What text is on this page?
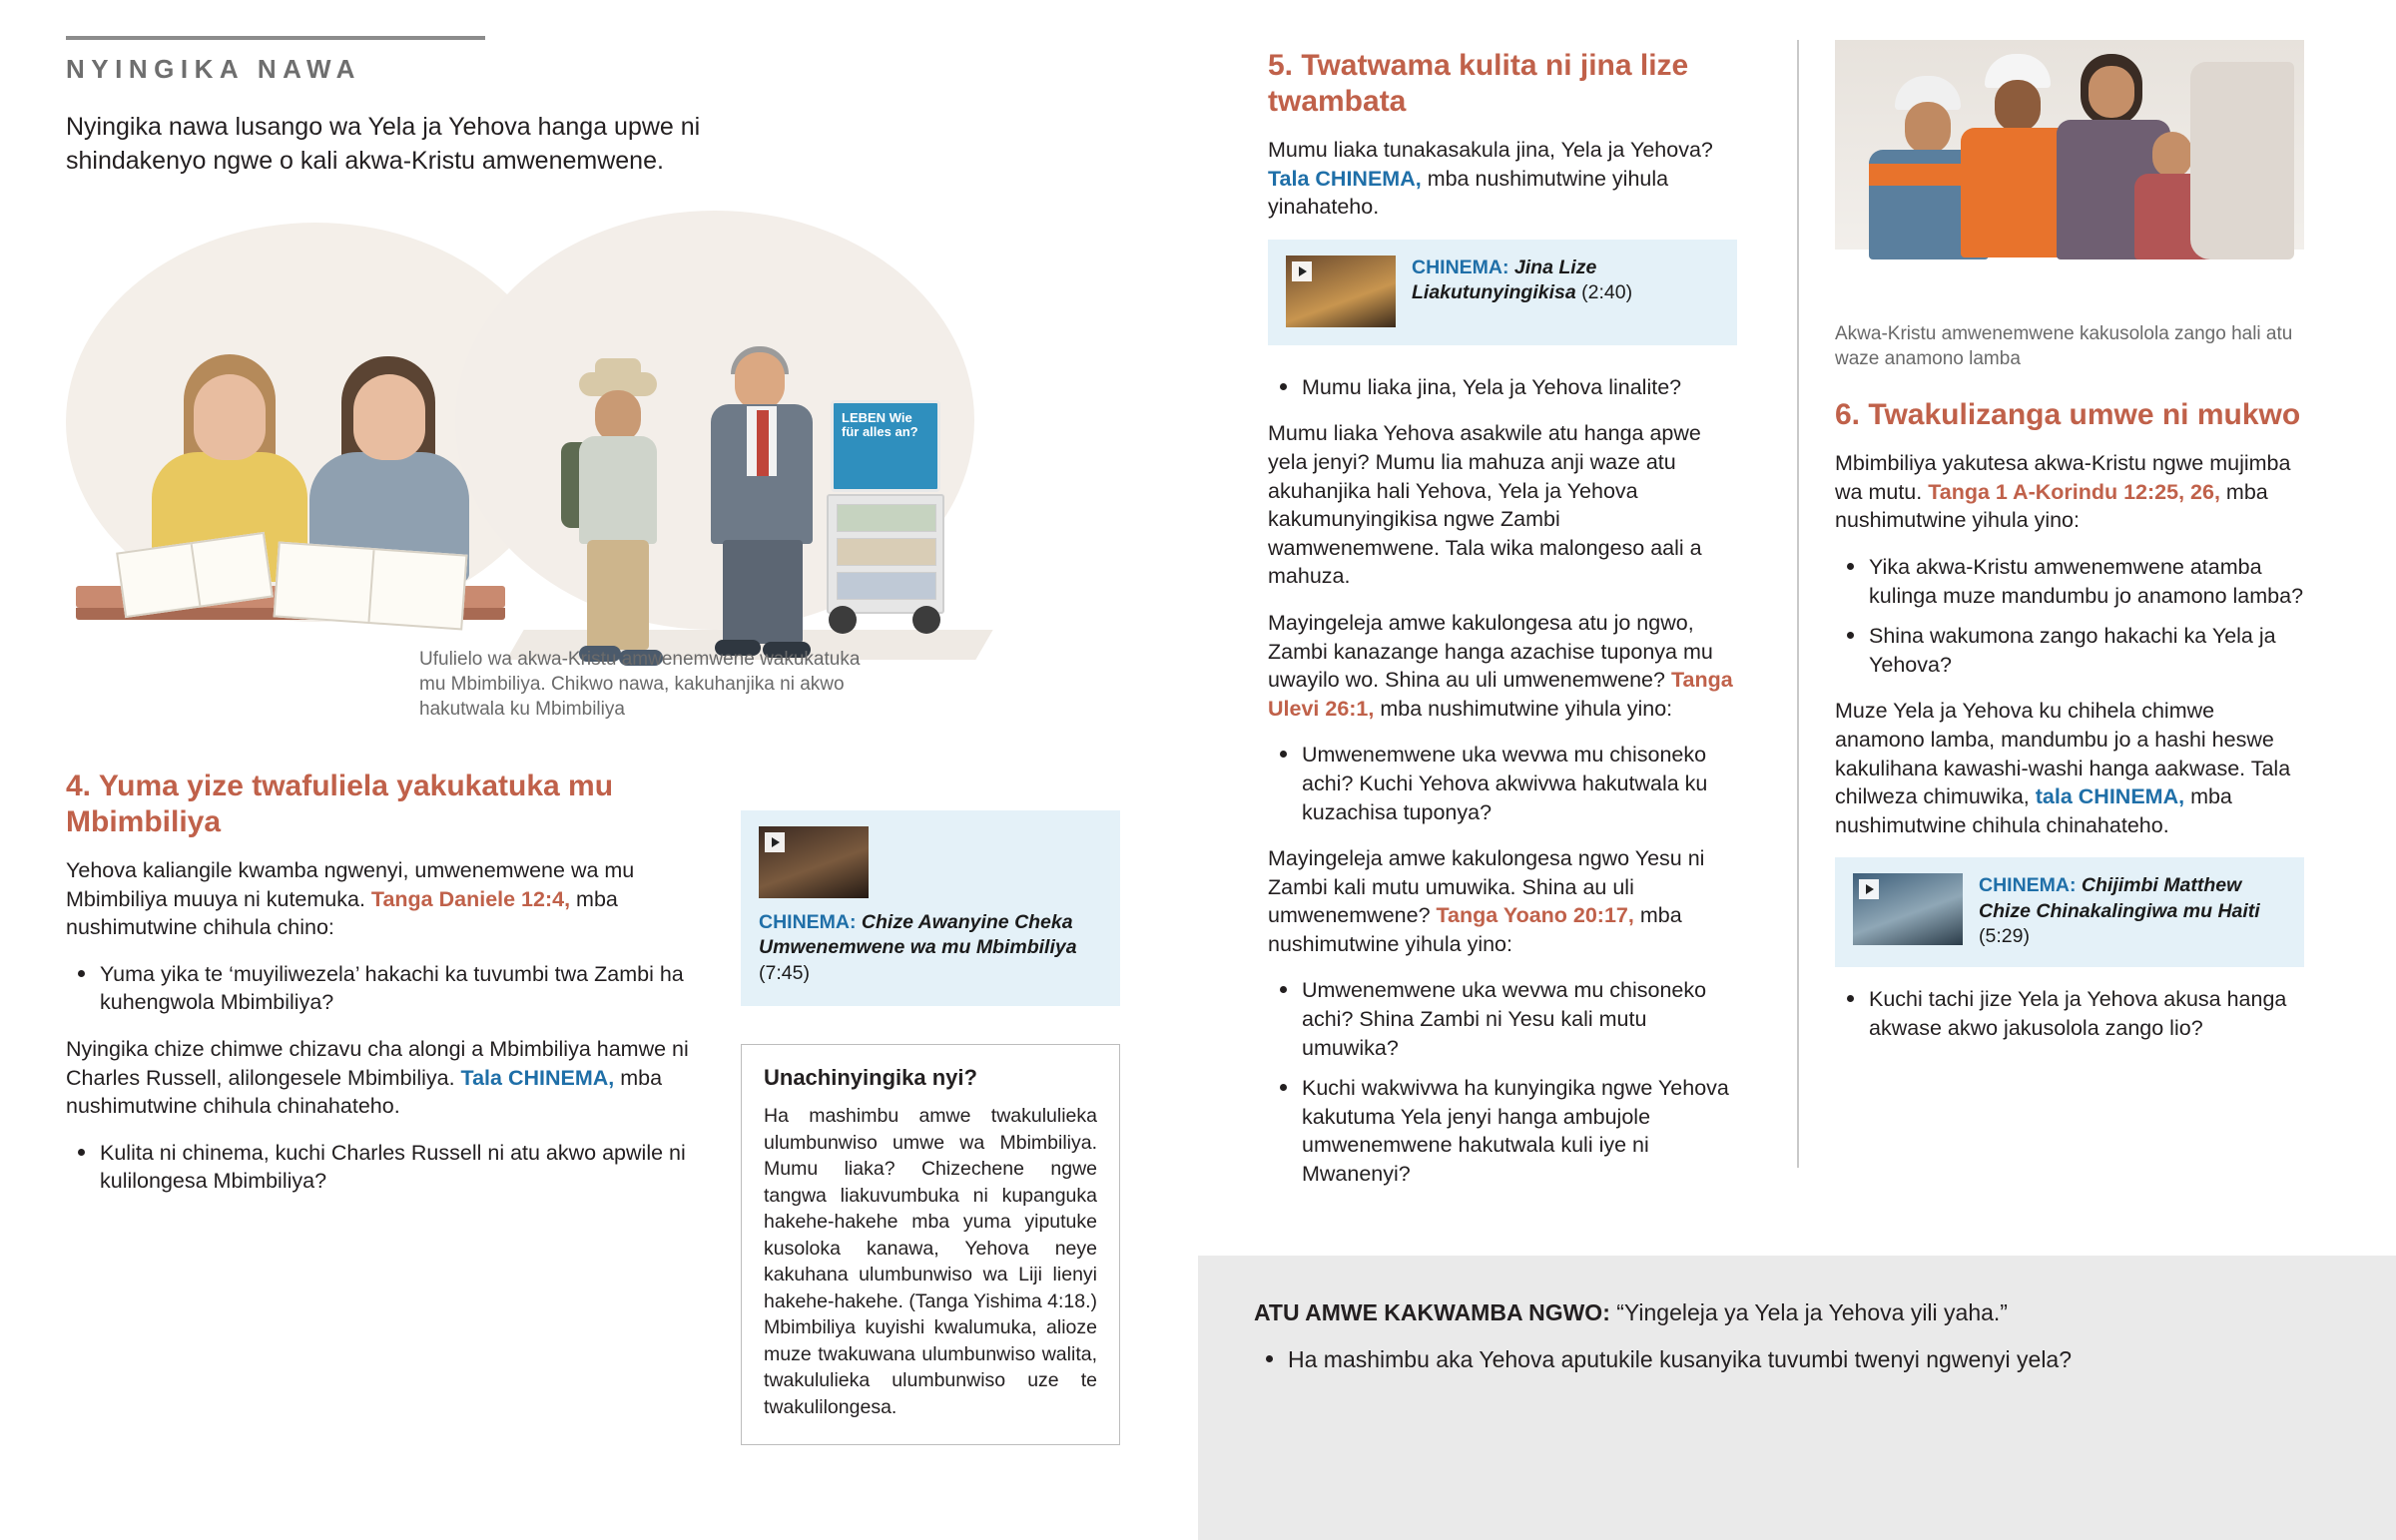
NYINGIKA NAWA

Nyingika nawa lusango wa Yela ja Yehova hanga upwe ni shindakenyo ngwe o kali akwa-Kristu amwenemwene.

LEBEN Wie für alles an?
Ufulielo wa akwa-Kristu amwenemwene wakukatuka mu Mbimbiliya. Chikwo nawa, kakuhanjika ni akwo hakutwala ku Mbimbiliya
4. Yuma yize twafuliela yakukatuka mu Mbimbiliya

Yehova kaliangile kwamba ngwenyi, umwenemwene wa mu Mbimbiliya muuya ni kutemuka. Tanga Daniele 12:4, mba nushimutwine chihula chino:

Yuma yika te ‘muyiliwezela’ hakachi ka tuvumbi twa Zambi ha kuhengwola Mbimbiliya?

Nyingika chize chimwe chizavu cha alongi a Mbimbiliya hamwe ni Charles Russell, alilongesele Mbimbiliya. Tala CHINEMA, mba nushimutwine chihula chinahateho.

Kulita ni chinema, kuchi Charles Russell ni atu akwo apwile ni kulilongesa Mbimbiliya?
CHINEMA: Chize Awanyine Cheka Umwenemwene wa mu Mbimbiliya (7:45)
Unachinyingika nyi?

Ha mashimbu amwe twakululieka ulumbunwiso umwe wa Mbimbiliya. Mumu liaka? Chizechene ngwe tangwa liakuvumbuka ni kupanguka hakehe-hakehe mba yuma yiputuke kusoloka kanawa, Yehova neye kakuhana ulumbunwiso wa Liji lienyi hakehe-hakehe. (Tanga Yishima 4:18.) Mbimbiliya kuyishi kwalumuka, alioze muze twakuwana ulumbunwiso walita, twakululieka ulumbunwiso uze te twakulilongesa.

5. Twatwama kulita ni jina lize twambata

Mumu liaka tunakasakula jina, Yela ja Yehova? Tala CHINEMA, mba nushimutwine yihula yinahateho.

CHINEMA: Jina Lize Liakutunyingikisa (2:40)
Mumu liaka jina, Yela ja Yehova linalite?

Mumu liaka Yehova asakwile atu hanga apwe yela jenyi? Mumu lia mahuza anji waze atu akuhanjika hali Yehova, Yela ja Yehova kakumunyingikisa ngwe Zambi wamwenemwene. Tala wika malongeso aali a mahuza.

Mayingeleja amwe kakulongesa atu jo ngwo, Zambi kanazange hanga azachise tuponya mu uwayilo wo. Shina au uli umwenemwene? Tanga Ulevi 26:1, mba nushimutwine yihula yino:

Umwenemwene uka wevwa mu chisoneko achi? Kuchi Yehova akwivwa hakutwala ku kuzachisa tuponya?

Mayingeleja amwe kakulongesa ngwo Yesu ni Zambi kali mutu umuwika. Shina au uli umwenemwene? Tanga Yoano 20:17, mba nushimutwine yihula yino:

Umwenemwene uka wevwa mu chisoneko achi? Shina Zambi ni Yesu kali mutu umuwika?
Kuchi wakwivwa ha kunyingika ngwe Yehova kakutuma Yela jenyi hanga ambujole umwenemwene hakutwala kuli iye ni Mwanenyi?
Akwa-Kristu amwenemwene kakusolola zango hali atu waze anamono lamba
6. Twakulizanga umwe ni mukwo

Mbimbiliya yakutesa akwa-Kristu ngwe mujimba wa mutu. Tanga 1 A-Korindu 12:25, 26, mba nushimutwine yihula yino:

Yika akwa-Kristu amwenemwene atamba kulinga muze mandumbu jo anamono lamba?
Shina wakumona zango hakachi ka Yela ja Yehova?

Muze Yela ja Yehova ku chihela chimwe anamono lamba, mandumbu jo a hashi heswe kakulihana kawashi-washi hanga aakwase. Tala chilweza chimuwika, tala CHINEMA, mba nushimutwine chihula chinahateho.

CHINEMA: Chijimbi Matthew Chize Chinakalingiwa mu Haiti (5:29)
Kuchi tachi jize Yela ja Yehova akusa hanga akwase akwo jakusolola zango lio?

ATU AMWE KAKWAMBA NGWO: “Yingeleja ya Yela ja Yehova yili yaha.”

Ha mashimbu aka Yehova aputukile kusanyika tuvumbi twenyi ngwenyi yela?
